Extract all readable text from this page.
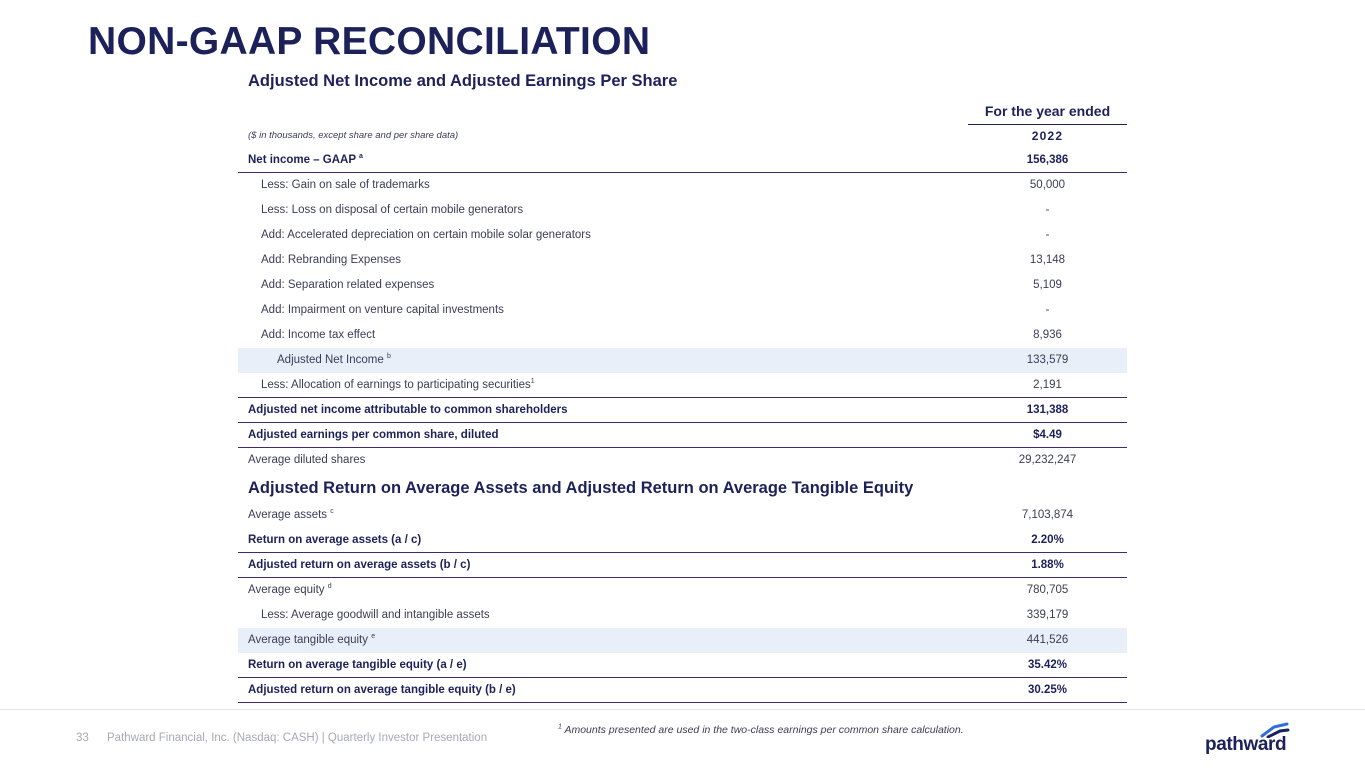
NON-GAAP RECONCILIATION
Adjusted Net Income and Adjusted Earnings Per Share
For the year ended
($ in thousands, except share and per share data)	2022
Net income – GAAP $^a$	156,386
Less: Gain on sale of trademarks	50,000
Less: Loss on disposal of certain mobile generators	-
Add: Accelerated depreciation on certain mobile solar generators	-
Add: Rebranding Expenses	13,148
Add: Separation related expenses	5,109
Add: Impairment on venture capital investments	-
Add: Income tax effect	8,936
Adjusted Net Income $^b$	133,579
Less: Allocation of earnings to participating securities$^1$	2,191
Adjusted net income attributable to common shareholders	131,388
Adjusted earnings per common share, diluted	$4.49
Average diluted shares	29,232,247
Adjusted Return on Average Assets and Adjusted Return on Average Tangible Equity
Average assets $^c$	7,103,874
Return on average assets (a / c)	2.20%
Adjusted return on average assets (b / c)	1.88%
Average equity $^d$	780,705
Less: Average goodwill and intangible assets	339,179
Average tangible equity $^e$	441,526
Return on average tangible equity (a / e)	35.42%
Adjusted return on average tangible equity (b / e)	30.25%
33 Pathward Financial, Inc. (Nasdaq: CASH) | Quarterly Investor Presentation
$^1$ Amounts presented are used in the two-class earnings per common share calculation.
pathward
